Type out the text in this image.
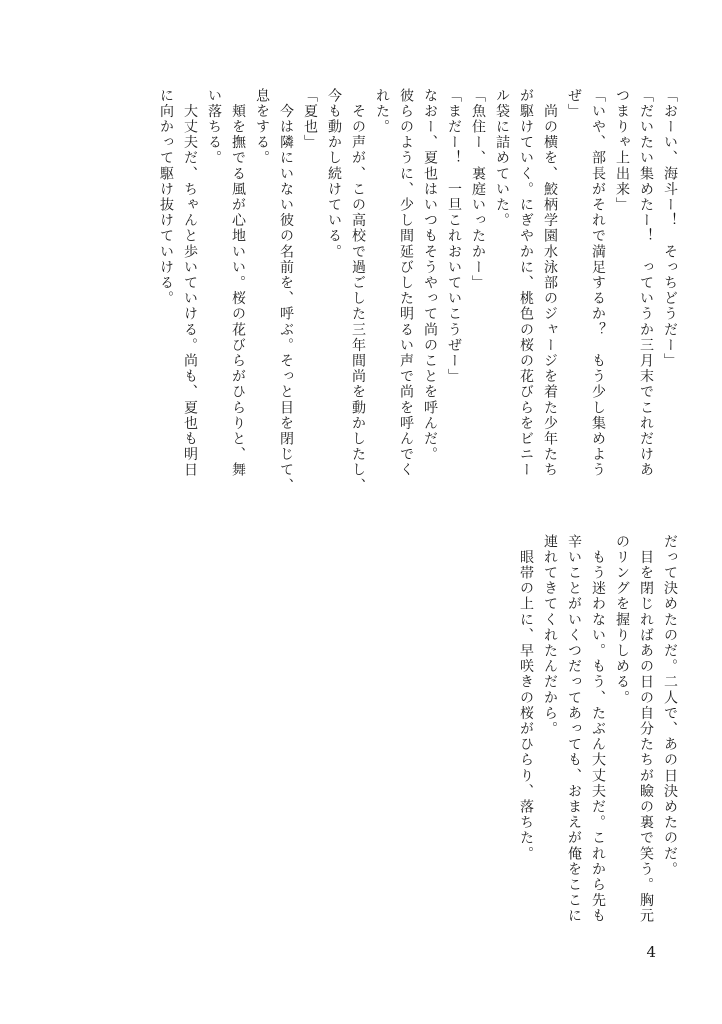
「おーい、海斗ー！　そっちどうだー」
「だいたい集めたー！　っていうか三月末でこれだけあ
つまりゃ上出来」
「いや、部長がそれで満足するか？　もう少し集めよう
ぜ」
　尚の横を、鮫柄学園水泳部のジャージを着た少年たち
が駆けていく。にぎやかに、桃色の桜の花びらをビニー
ル袋に詰めていた。
「魚住ー、裏庭いったかー」
「まだー！　一旦これおいていこうぜー」
なおー、夏也はいつもそうやって尚のことを呼んだ。
彼らのように、少し間延びした明るい声で尚を呼んでく
れた。
　その声が、この高校で過ごした三年間尚を動かしたし、
今も動かし続けている。
「夏也」
　今は隣にいない彼の名前を、呼ぶ。そっと目を閉じて、
息をする。
　頬を撫でる風が心地いい。桜の花びらがひらりと、舞
い落ちる。
　大丈夫だ、ちゃんと歩いていける。尚も、夏也も明日
に向かって駆け抜けていける。
だって決めたのだ。二人で、あの日決めたのだ。
　目を閉じればあの日の自分たちが瞼の裏で笑う。胸元
のリングを握りしめる。
　もう迷わない。もう、たぶん大丈夫だ。これから先も
辛いことがいくつだってあっても、おまえが俺をここに
連れてきてくれたんだから。
　眼帯の上に、早咲きの桜がひらり、落ちた。
4
